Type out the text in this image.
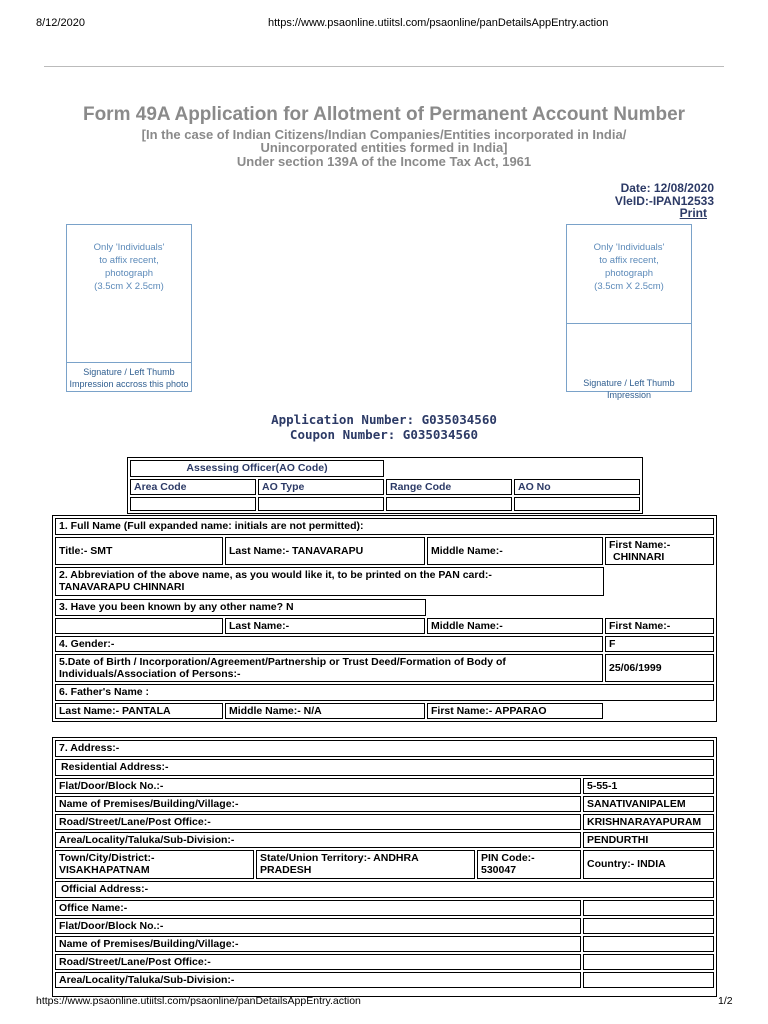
8/12/2020	https://www.psaonline.utiitsl.com/psaonline/panDetailsAppEntry.action
Form 49A Application for Allotment of Permanent Account Number
[In the case of Indian Citizens/Indian Companies/Entities incorporated in India/
Unincorporated entities formed in India]
Under section 139A of the Income Tax Act, 1961
Date: 12/08/2020
VleID:-IPAN12533
Print
Only 'Individuals'
to affix recent,
photograph
(3.5cm X 2.5cm)
Signature / Left Thumb
Impression accross this photo
Only 'Individuals'
to affix recent,
photograph
(3.5cm X 2.5cm)
Signature / Left Thumb Impression
Application Number: G035034560
Coupon Number: G035034560
Assessing Officer(AO Code)
Area Code	AO Type	Range Code	AO No
1. Full Name (Full expanded name: initials are not permitted):
Title:- SMT	Last Name:- TANAVARAPU	Middle Name:-	First Name:-
CHINNARI
2. Abbreviation of the above name, as you would like it, to be printed on the PAN card:-
TANAVARAPU CHINNARI
3. Have you been known by any other name? N
Last Name:-	Middle Name:-	First Name:-
4. Gender:-	F
5.Date of Birth / Incorporation/Agreement/Partnership or Trust Deed/Formation of Body of
Individuals/Association of Persons:-	25/06/1999
6. Father's Name :
Last Name:- PANTALA	Middle Name:- N/A	First Name:- APPARAO
7. Address:-
Residential Address:-
Flat/Door/Block No.:-	5-55-1
Name of Premises/Building/Village:-	SANATIVANIPALEM
Road/Street/Lane/Post Office:-	KRISHNARAYAPURAM
Area/Locality/Taluka/Sub-Division:-	PENDURTHI
Town/City/District:-
VISAKHAPATNAM
State/Union Territory:- ANDHRA
PRADESH
PIN Code:-
530047	Country:- INDIA
Official Address:-
Office Name:-
Flat/Door/Block No.:-
Name of Premises/Building/Village:-
Road/Street/Lane/Post Office:-
Area/Locality/Taluka/Sub-Division:-
https://www.psaonline.utiitsl.com/psaonline/panDetailsAppEntry.action	1/2
